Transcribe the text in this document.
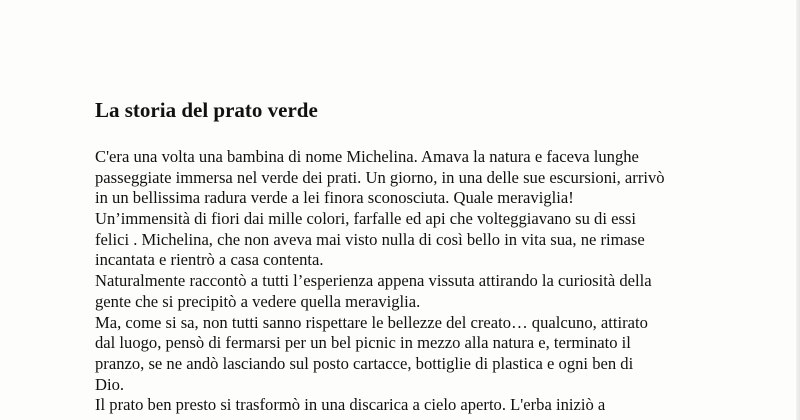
La storia del prato verde
C'era una volta una bambina di nome Michelina. Amava la natura e faceva lunghe
passeggiate immersa nel verde dei prati. Un giorno, in una delle sue escursioni, arrivò
in un bellissima radura verde a lei finora sconosciuta. Quale meraviglia!
Un’immensità di fiori dai mille colori, farfalle ed api che volteggiavano su di essi
felici . Michelina, che non aveva mai visto nulla di così bello in vita sua, ne rimase
incantata e rientrò a casa contenta.
Naturalmente raccontò a tutti l’esperienza appena vissuta attirando la curiosità della
gente che si precipitò a vedere quella meraviglia.
Ma, come si sa, non tutti sanno rispettare le bellezze del creato… qualcuno, attirato
dal luogo, pensò di fermarsi per un bel picnic in mezzo alla natura e, terminato il
pranzo, se ne andò lasciando sul posto cartacce, bottiglie di plastica e ogni ben di
Dio.
Il prato ben presto si trasformò in una discarica a cielo aperto. L'erba iniziò a
